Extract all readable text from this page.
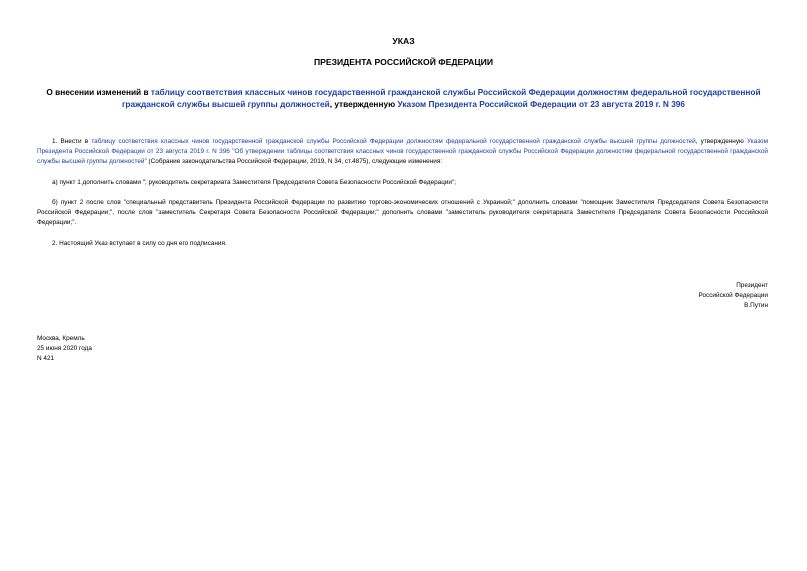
УКАЗ
ПРЕЗИДЕНТА РОССИЙСКОЙ ФЕДЕРАЦИИ
О внесении изменений в таблицу соответствия классных чинов государственной гражданской службы Российской Федерации должностям федеральной государственной гражданской службы высшей группы должностей, утвержденную Указом Президента Российской Федерации от 23 августа 2019 г. N 396
1. Внести в таблицу соответствия классных чинов государственной гражданской службы Российской Федерации должностям федеральной государственной гражданской службы высшей группы должностей, утвержденную Указом Президента Российской Федерации от 23 августа 2019 г. N 396 "Об утверждении таблицы соответствия классных чинов государственной гражданской службы Российской Федерации должностям федеральной государственной гражданской службы высшей группы должностей" (Собрание законодательства Российской Федерации, 2019, N 34, ст.4875), следующие изменения:
а) пункт 1 дополнить словами "; руководитель секретариата Заместителя Председателя Совета Безопасности Российской Федерации";
б) пункт 2 после слов "специальный представитель Президента Российской Федерации по развитию торгово-экономических отношений с Украиной;" дополнить словами "помощник Заместителя Председателя Совета Безопасности Российской Федерации;", после слов "заместитель Секретаря Совета Безопасности Российской Федерации;" дополнить словами "заместитель руководителя секретариата Заместителя Председателя Совета Безопасности Российской Федерации;".
2. Настоящий Указ вступает в силу со дня его подписания.
Президент
Российской Федерации
В.Путин
Москва, Кремль
25 июня 2020 года
N 421
